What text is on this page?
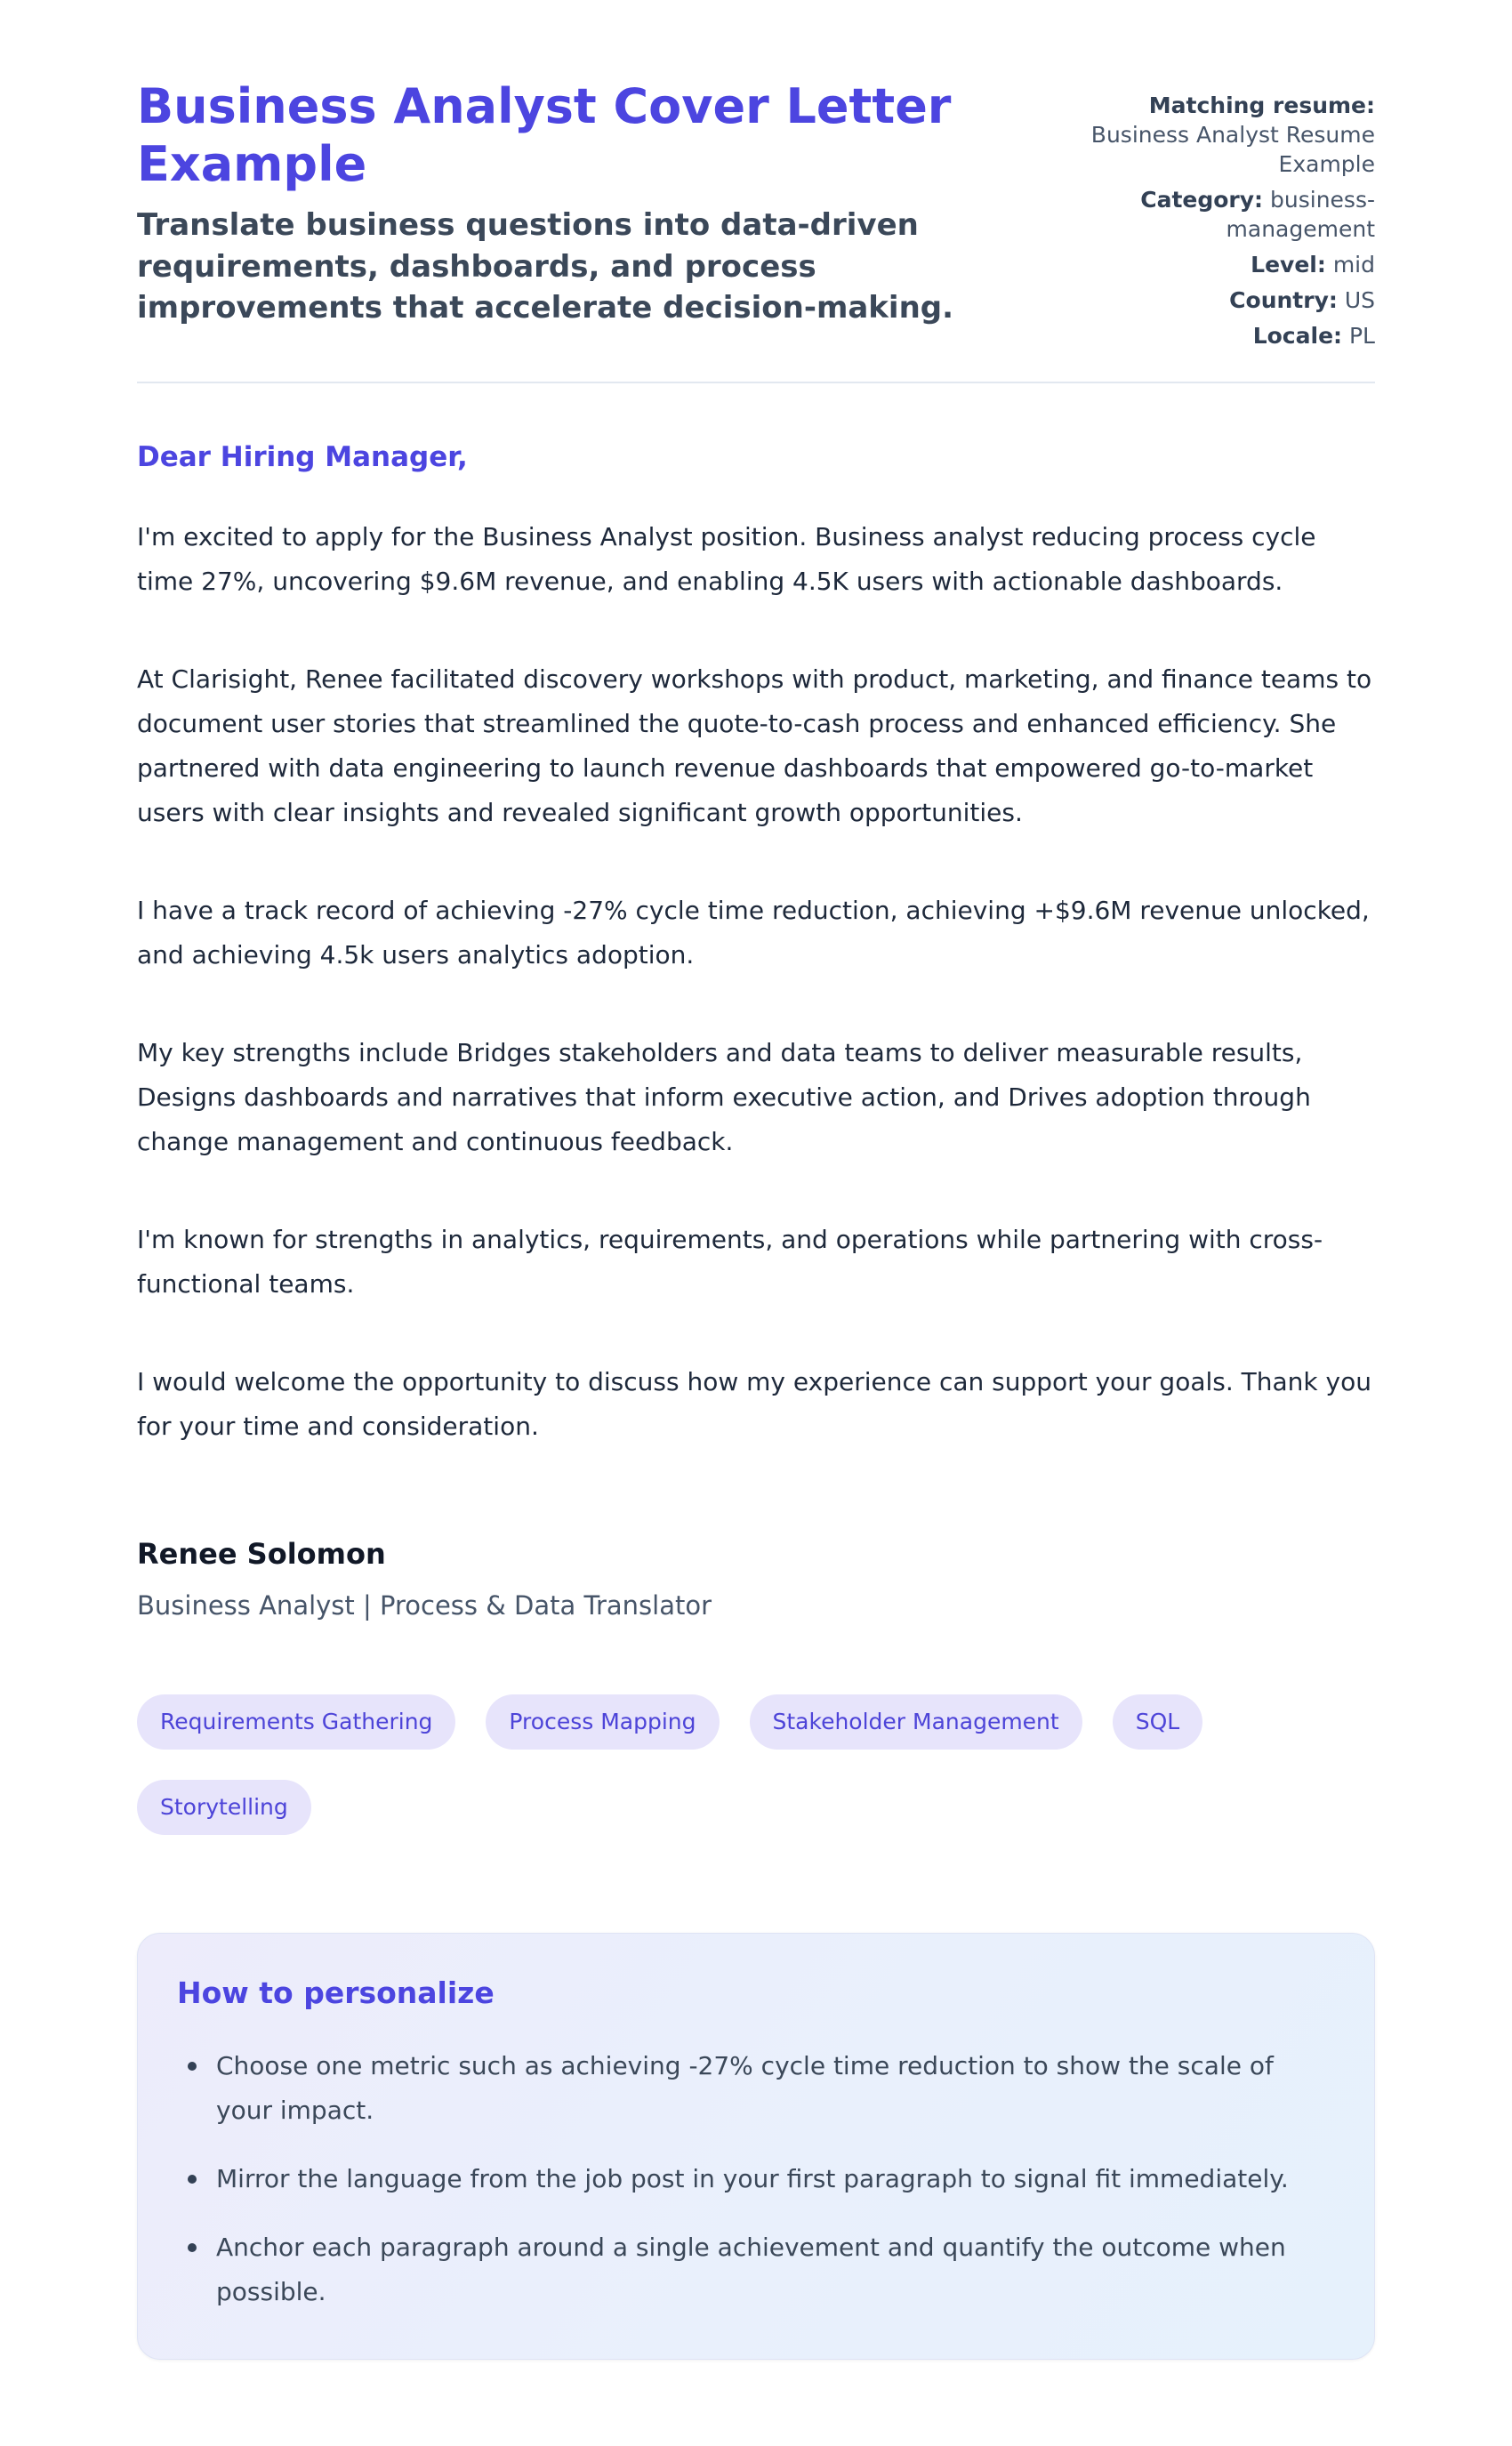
Business Analyst Cover Letter Example

Translate business questions into data-driven requirements, dashboards, and process improvements that accelerate decision-making.

Matching resume: Business Analyst Resume Example
Category: business-management
Level: mid
Country: US
Locale: PL

Dear Hiring Manager,

I'm excited to apply for the Business Analyst position. Business analyst reducing process cycle time 27%, uncovering $9.6M revenue, and enabling 4.5K users with actionable dashboards.

At Clarisight, Renee facilitated discovery workshops with product, marketing, and finance teams to document user stories that streamlined the quote-to-cash process and enhanced efficiency. She partnered with data engineering to launch revenue dashboards that empowered go-to-market users with clear insights and revealed significant growth opportunities.

I have a track record of achieving -27% cycle time reduction, achieving +$9.6M revenue unlocked, and achieving 4.5k users analytics adoption.

My key strengths include Bridges stakeholders and data teams to deliver measurable results, Designs dashboards and narratives that inform executive action, and Drives adoption through change management and continuous feedback.

I'm known for strengths in analytics, requirements, and operations while partnering with cross-functional teams.

I would welcome the opportunity to discuss how my experience can support your goals. Thank you for your time and consideration.

Renee Solomon

Business Analyst | Process & Data Translator

Requirements Gathering	Process Mapping	Stakeholder Management	SQL
Storytelling
How to personalize
Choose one metric such as achieving -27% cycle time reduction to show the scale of your impact.
Mirror the language from the job post in your first paragraph to signal fit immediately.
Anchor each paragraph around a single achievement and quantify the outcome when possible.
